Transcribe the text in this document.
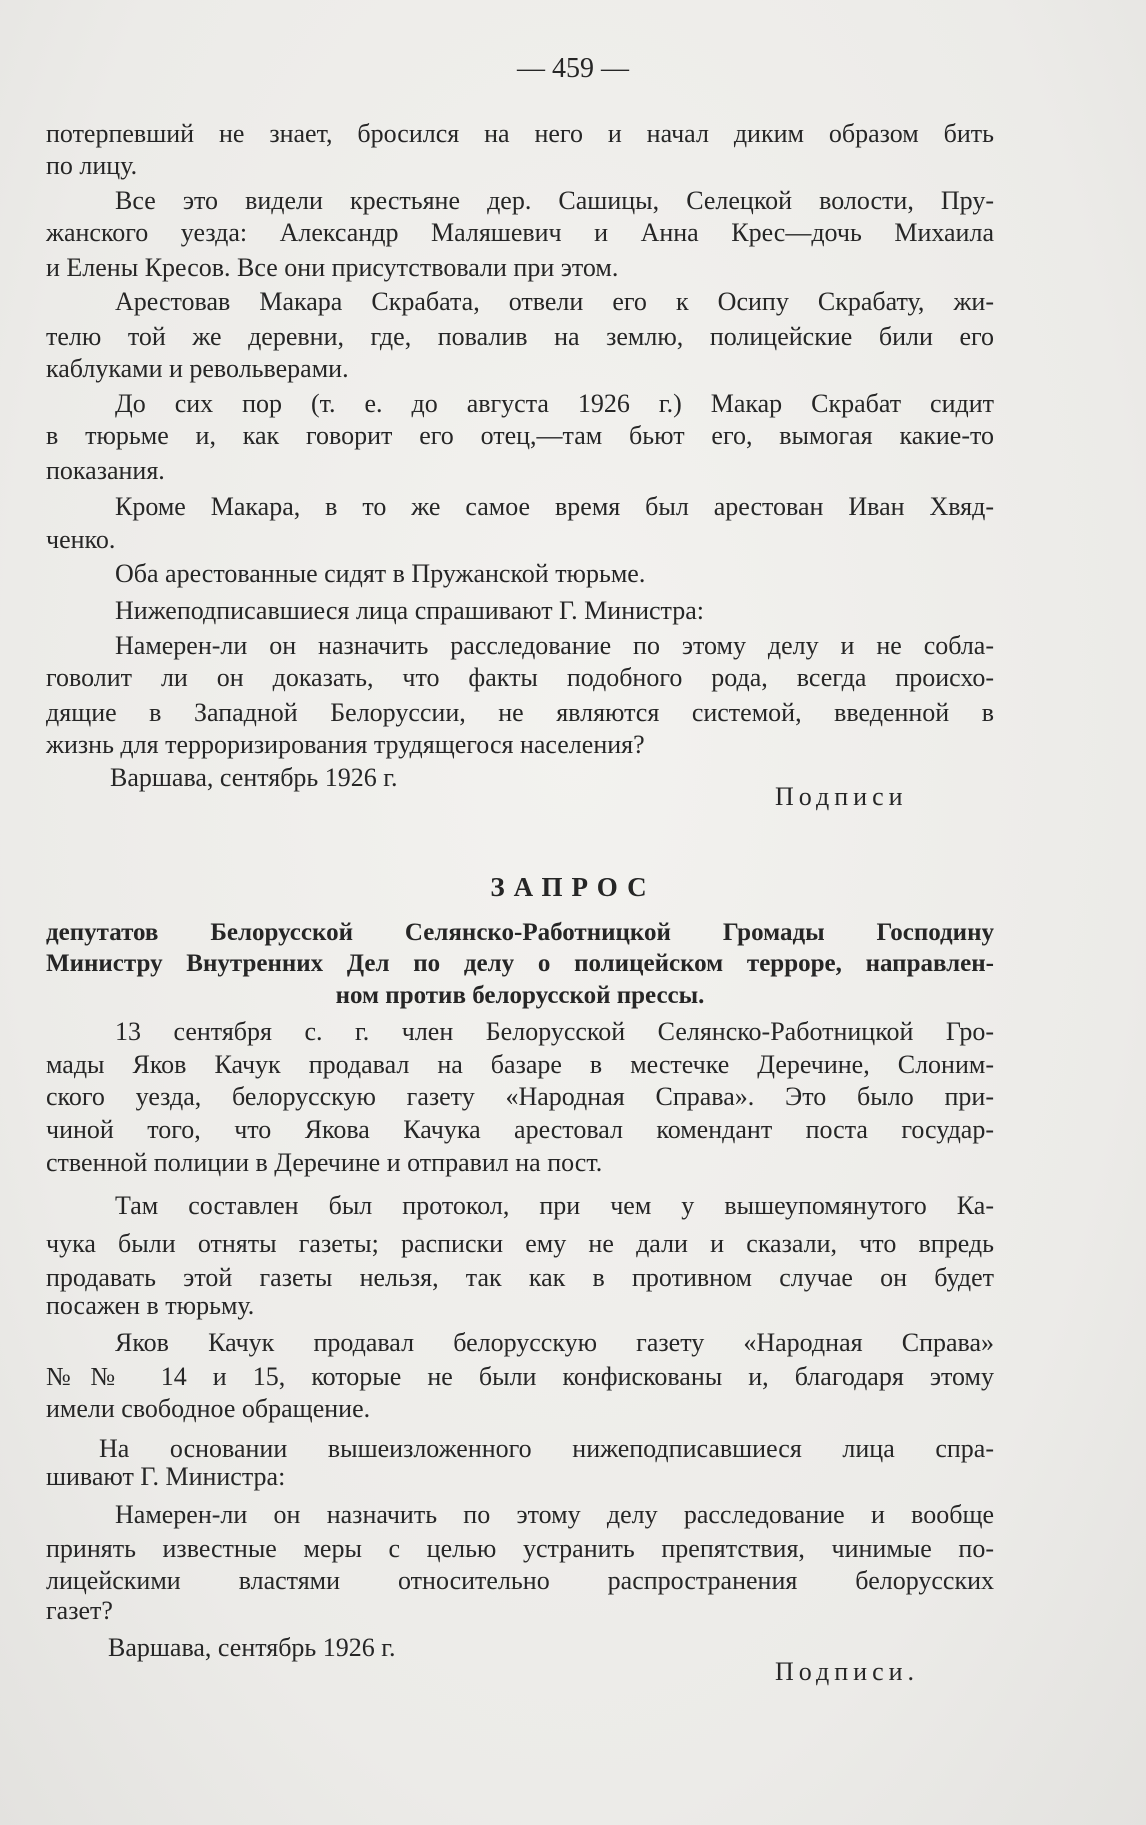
— 459 —
потерпевший не знает, бросился на него и начал диким образом бить
по лицу.
Все это видели крестьяне дер. Сашицы, Селецкой волости, Пру-
жанского уезда: Александр Маляшевич и Анна Крес—дочь Михаила
и Елены Кресов. Все они присутствовали при этом.
Арестовав Макара Скрабата, отвели его к Осипу Скрабату, жи-
телю той же деревни, где, повалив на землю, полицейские били его
каблуками и револьверами.
До сих пор (т. е. до августа 1926 г.) Макар Скрабат сидит
в тюрьме и, как говорит его отец,—там бьют его, вымогая какие-то
показания.
Кроме Макара, в то же самое время был арестован Иван Хвяд-
ченко.
Оба арестованные сидят в Пружанской тюрьме.
Нижеподписавшиеся лица спрашивают Г. Министра:
Намерен-ли он назначить расследование по этому делу и не собла-
говолит ли он доказать, что факты подобного рода, всегда происхо-
дящие в Западной Белоруссии, не являются системой, введенной в
жизнь для терроризирования трудящегося населения?
Варшава, сентябрь 1926 г.
Подписи
ЗАПРОС
депутатов Белорусской Селянско-Работницкой Громады Господину
Министру Внутренних Дел по делу о полицейском терроре, направлен-
ном против белорусской прессы.
13 сентября с. г. член Белорусской Селянско-Работницкой Гро-
мады Яков Качук продавал на базаре в местечке Деречине, Слоним-
ского уезда, белорусскую газету «Народная Справа». Это было при-
чиной того, что Якова Качука арестовал комендант поста государ-
ственной полиции в Деречине и отправил на пост.
Там составлен был протокол, при чем у вышеупомянутого Ка-
чука были отняты газеты; расписки ему не дали и сказали, что впредь
продавать этой газеты нельзя, так как в противном случае он будет
посажен в тюрьму.
Яков Качук продавал белорусскую газету «Народная Справа»
№№ 14 и 15, которые не были конфискованы и, благодаря этому
имели свободное обращение.
На основании вышеизложенного нижеподписавшиеся лица спра-
шивают Г. Министра:
Намерен-ли он назначить по этому делу расследование и вообще
принять известные меры с целью устранить препятствия, чинимые по-
лицейскими властями относительно распространения белорусских
газет?
Варшава, сентябрь 1926 г.
Подписи.
